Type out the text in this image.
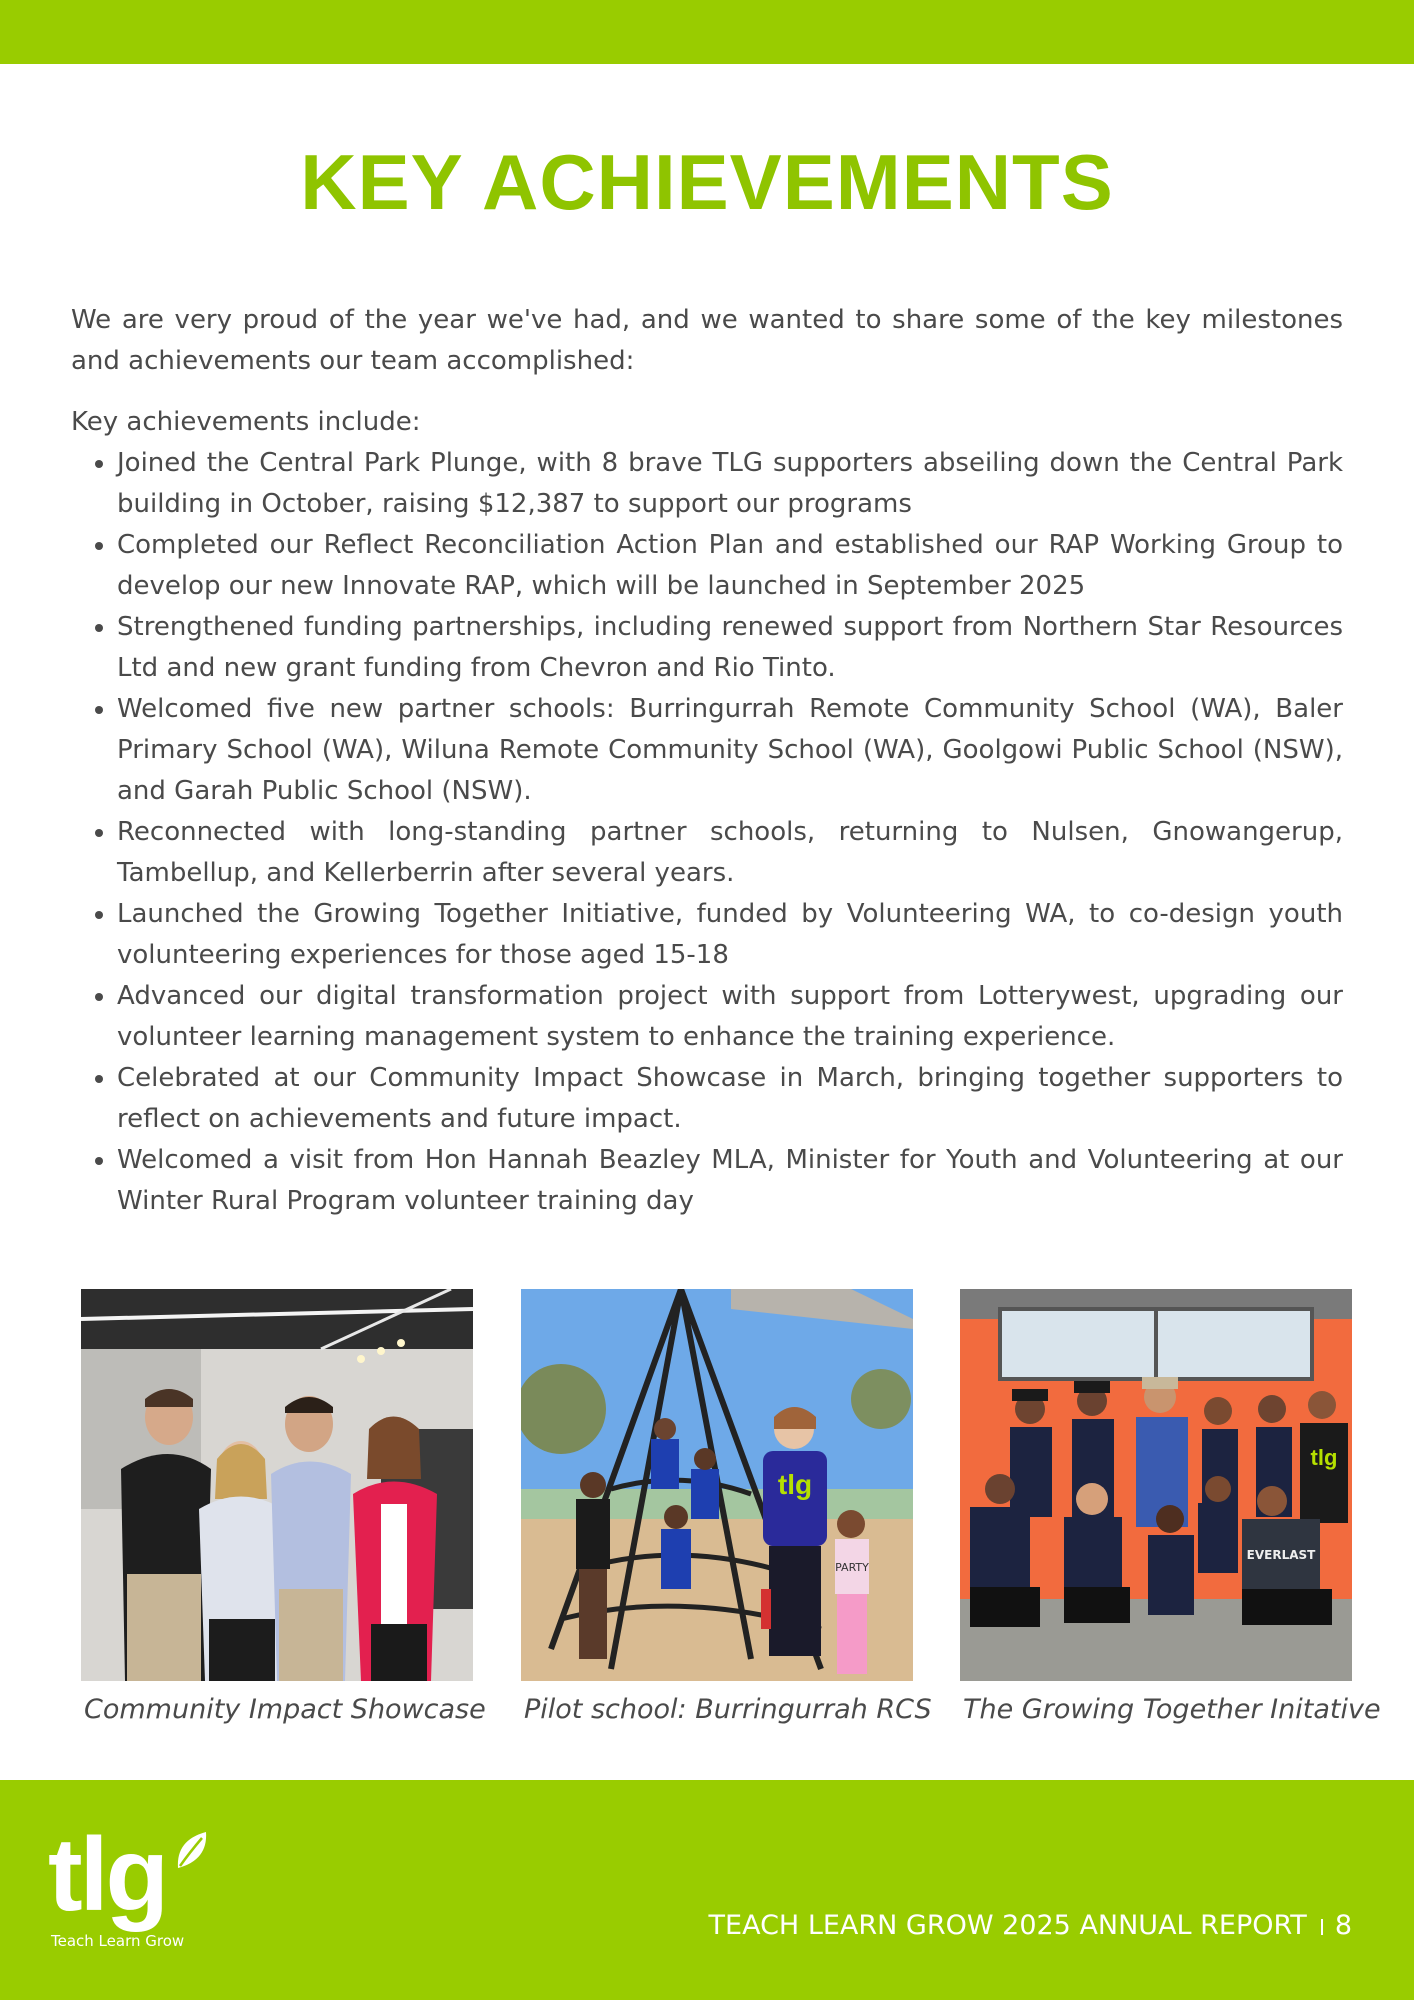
KEY ACHIEVEMENTS

We are very proud of the year we've had, and we wanted to share some of the key milestones and achievements our team accomplished:

Key achievements include:

• Joined the Central Park Plunge, with 8 brave TLG supporters abseiling down the Central Park building in October, raising $12,387 to support our programs
• Completed our Reflect Reconciliation Action Plan and established our RAP Working Group to develop our new Innovate RAP, which will be launched in September 2025
• Strengthened funding partnerships, including renewed support from Northern Star Resources Ltd and new grant funding from Chevron and Rio Tinto.
• Welcomed five new partner schools: Burringurrah Remote Community School (WA), Baler Primary School (WA), Wiluna Remote Community School (WA), Goolgowi Public School (NSW), and Garah Public School (NSW).
• Reconnected with long-standing partner schools, returning to Nulsen, Gnowangerup, Tambellup, and Kellerberrin after several years.
• Launched the Growing Together Initiative, funded by Volunteering WA, to co-design youth volunteering experiences for those aged 15-18
• Advanced our digital transformation project with support from Lotterywest, upgrading our volunteer learning management system to enhance the training experience.
• Celebrated at our Community Impact Showcase in March, bringing together supporters to reflect on achievements and future impact.
• Welcomed a visit from Hon Hannah Beazley MLA, Minister for Youth and Volunteering at our Winter Rural Program volunteer training day
tlg
PARTY
tlg
EVERLAST
Community Impact Showcase	Pilot school: Burringurrah RCS	The Growing Together Initative
tlg
Teach Learn Grow	TEACH LEARN GROW 2025 ANNUAL REPORT 8
